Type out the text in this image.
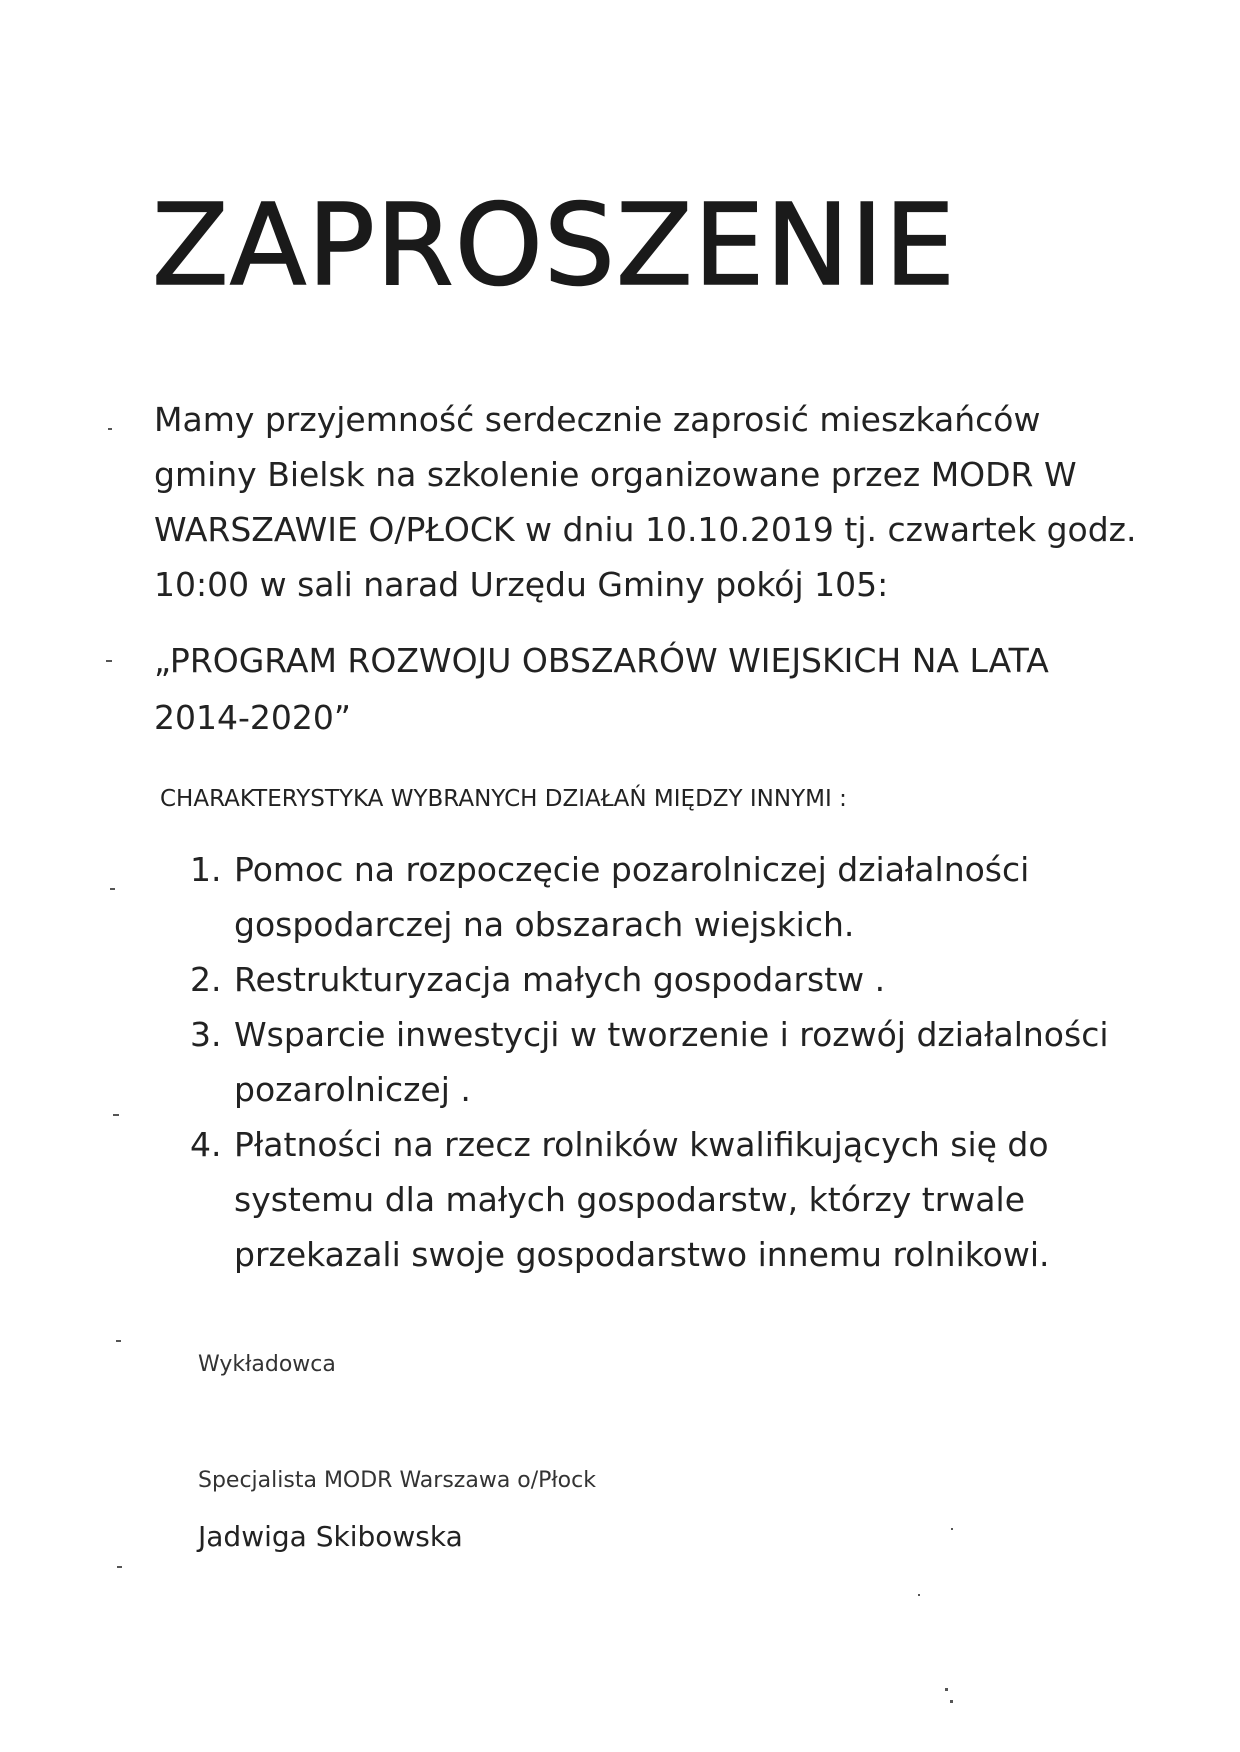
ZAPROSZENIE

Mamy przyjemność serdecznie zaprosić mieszkańców gminy Bielsk na szkolenie organizowane przez MODR W WARSZAWIE O/PŁOCK w dniu 10.10.2019 tj. czwartek godz. 10:00 w sali narad Urzędu Gminy pokój 105:

„PROGRAM ROZWOJU OBSZARÓW WIEJSKICH NA LATA 2014-2020”

CHARAKTERYSTYKA WYBRANYCH DZIAŁAŃ MIĘDZY INNYMI :

1. Pomoc na rozpoczęcie pozarolniczej działalności gospodarczej na obszarach wiejskich.
2. Restrukturyzacja małych gospodarstw .
3. Wsparcie inwestycji w tworzenie i rozwój działalności pozarolniczej .
4. Płatności na rzecz rolników kwalifikujących się do systemu dla małych gospodarstw, którzy trwale przekazali swoje gospodarstwo innemu rolnikowi.

Wykładowca

Specjalista MODR Warszawa o/Płock

Jadwiga Skibowska
